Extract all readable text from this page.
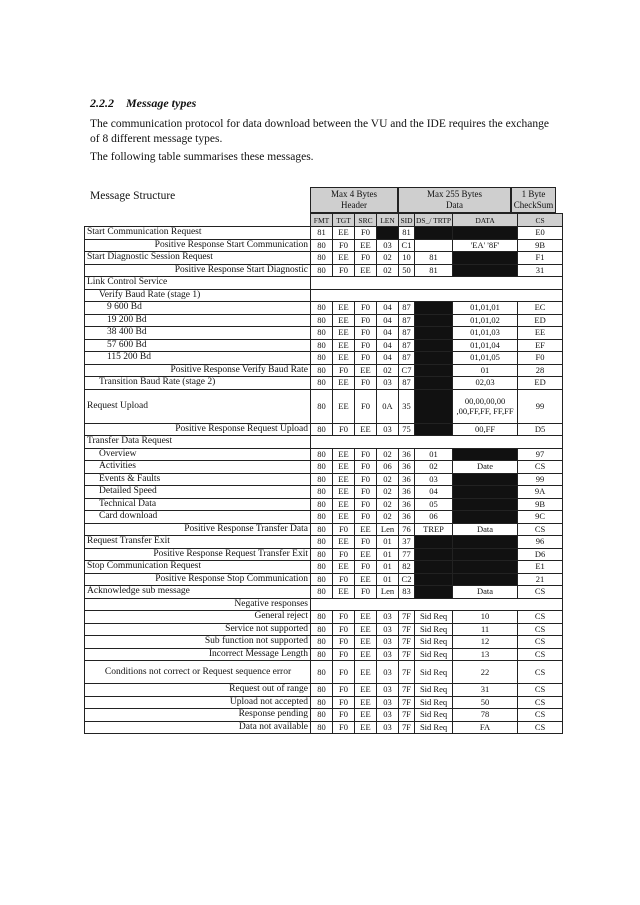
2.2.2 Message types
The communication protocol for data download between the VU and the IDE requires the exchange of 8 different message types.
The following table summarises these messages.
Message Structure	Max 4 Bytes
Header
Max 255 Bytes
Data
1 Byte
CheckSum
	FMT	TGT	SRC	LEN	SID	DS_/ TRTP	DATA	CS
Start Communication Request	81	EE	F0		81			E0
Positive Response Start Communication	80	F0	EE	03	C1		'EA' '8F'	9B
Start Diagnostic Session Request	80	EE	F0	02	10	81		F1
Positive Response Start Diagnostic	80	F0	EE	02	50	81		31
Link Control Service								
Verify Baud Rate (stage 1)								
9 600 Bd	80	EE	F0	04	87		01,01,01	EC
19 200 Bd	80	EE	F0	04	87		01,01,02	ED
38 400 Bd	80	EE	F0	04	87		01,01,03	EE
57 600 Bd	80	EE	F0	04	87		01,01,04	EF
115 200 Bd	80	EE	F0	04	87		01,01,05	F0
Positive Response Verify Baud Rate	80	F0	EE	02	C7		01	28
Transition Baud Rate (stage 2)	80	EE	F0	03	87		02,03	ED
Request Upload	80	EE	F0	0A	35		00,00,00,00 ,00,FF,FF, FF,FF	99
Positive Response Request Upload	80	F0	EE	03	75		00,FF	D5
Transfer Data Request								
Overview	80	EE	F0	02	36	01		97
Activities	80	EE	F0	06	36	02	Date	CS
Events & Faults	80	EE	F0	02	36	03		99
Detailed Speed	80	EE	F0	02	36	04		9A
Technical Data	80	EE	F0	02	36	05		9B
Card download	80	EE	F0	02	36	06		9C
Positive Response Transfer Data	80	F0	EE	Len	76	TREP	Data	CS
Request Transfer Exit	80	EE	F0	01	37			96
Positive Response Request Transfer Exit	80	F0	EE	01	77			D6
Stop Communication Request	80	EE	F0	01	82			E1
Positive Response Stop Communication	80	F0	EE	01	C2			21
Acknowledge sub message	80	EE	F0	Len	83		Data	CS
Negative responses								
General reject	80	F0	EE	03	7F	Sid Req	10	CS
Service not supported	80	F0	EE	03	7F	Sid Req	11	CS
Sub function not supported	80	F0	EE	03	7F	Sid Req	12	CS
Incorrect Message Length	80	F0	EE	03	7F	Sid Req	13	CS
Conditions not correct or Request sequence error	80	F0	EE	03	7F	Sid Req	22	CS
Request out of range	80	F0	EE	03	7F	Sid Req	31	CS
Upload not accepted	80	F0	EE	03	7F	Sid Req	50	CS
Response pending	80	F0	EE	03	7F	Sid Req	78	CS
Data not available	80	F0	EE	03	7F	Sid Req	FA	CS
